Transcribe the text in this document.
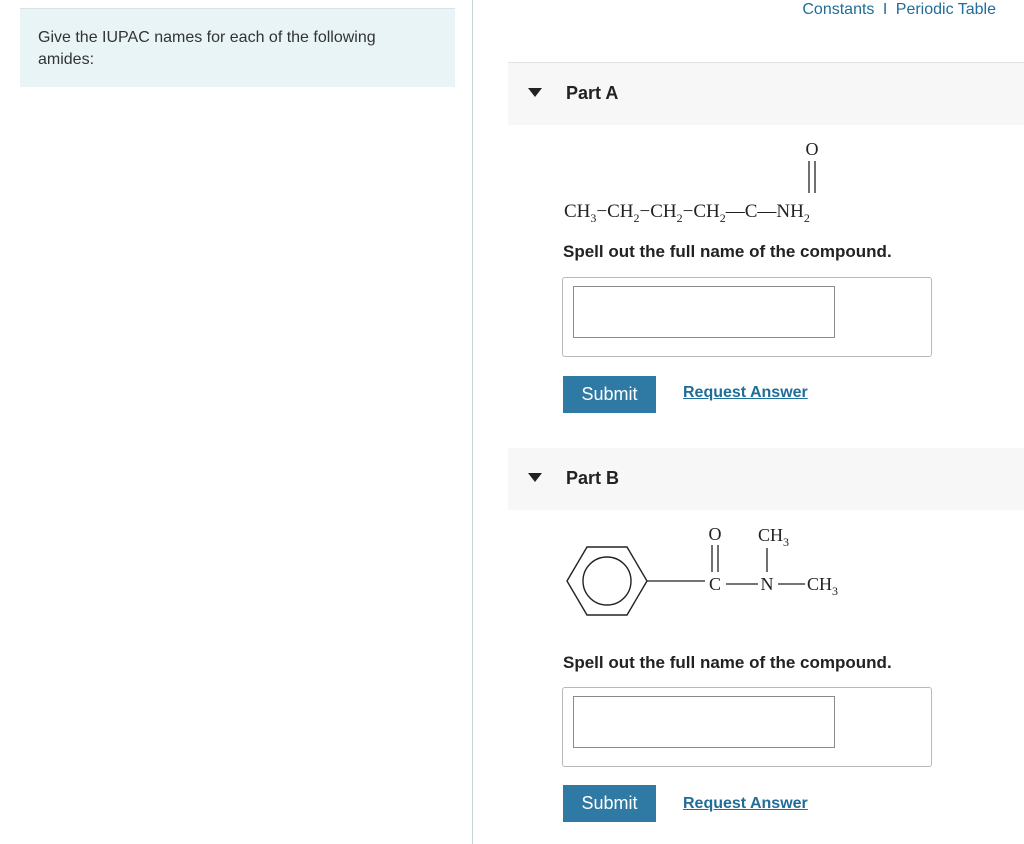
Give the IUPAC names for each of the following amides:
Constants I Periodic Table
Part A
O
$CH_3-CH_2-CH_2-CH_2—C—NH_2$
Spell out the full name of the compound.
Submit	Request Answer
Part B
O
C N
$CH_3$
$CH_3$
Spell out the full name of the compound.
Submit	Request Answer
